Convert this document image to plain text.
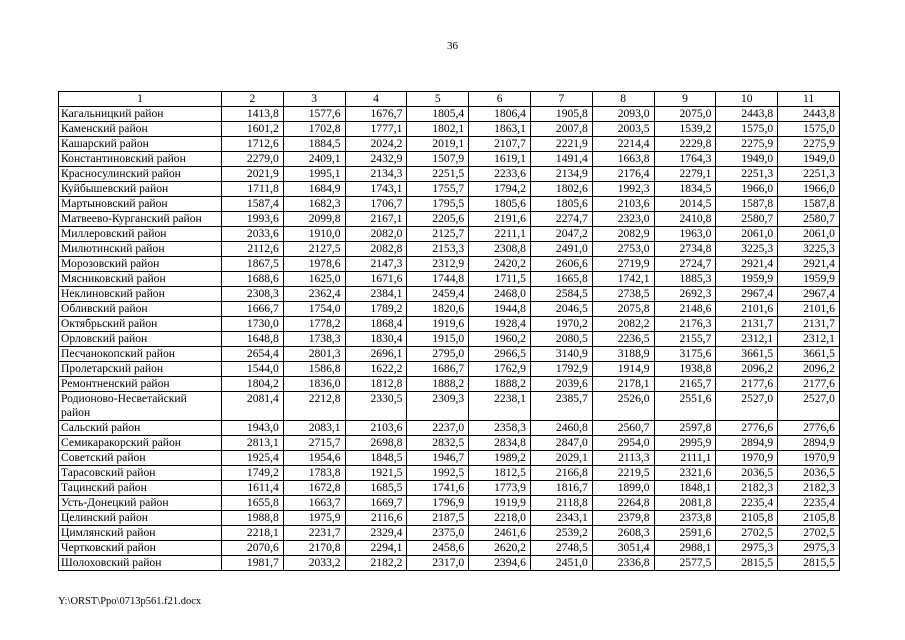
36
1	2	3	4	5	6	7	8	9	10	11
Кагальницкий район	1413,8	1577,6	1676,7	1805,4	1806,4	1905,8	2093,0	2075,0	2443,8	2443,8
Каменский район	1601,2	1702,8	1777,1	1802,1	1863,1	2007,8	2003,5	1539,2	1575,0	1575,0
Кашарский район	1712,6	1884,5	2024,2	2019,1	2107,7	2221,9	2214,4	2229,8	2275,9	2275,9
Константиновский район	2279,0	2409,1	2432,9	1507,9	1619,1	1491,4	1663,8	1764,3	1949,0	1949,0
Красносулинский район	2021,9	1995,1	2134,3	2251,5	2233,6	2134,9	2176,4	2279,1	2251,3	2251,3
Куйбышевский район	1711,8	1684,9	1743,1	1755,7	1794,2	1802,6	1992,3	1834,5	1966,0	1966,0
Мартыновский район	1587,4	1682,3	1706,7	1795,5	1805,6	1805,6	2103,6	2014,5	1587,8	1587,8
Матвеево-Курганский район	1993,6	2099,8	2167,1	2205,6	2191,6	2274,7	2323,0	2410,8	2580,7	2580,7
Миллеровский район	2033,6	1910,0	2082,0	2125,7	2211,1	2047,2	2082,9	1963,0	2061,0	2061,0
Милютинский район	2112,6	2127,5	2082,8	2153,3	2308,8	2491,0	2753,0	2734,8	3225,3	3225,3
Морозовский район	1867,5	1978,6	2147,3	2312,9	2420,2	2606,6	2719,9	2724,7	2921,4	2921,4
Мясниковский район	1688,6	1625,0	1671,6	1744,8	1711,5	1665,8	1742,1	1885,3	1959,9	1959,9
Неклиновский район	2308,3	2362,4	2384,1	2459,4	2468,0	2584,5	2738,5	2692,3	2967,4	2967,4
Обливский район	1666,7	1754,0	1789,2	1820,6	1944,8	2046,5	2075,8	2148,6	2101,6	2101,6
Октябрьский район	1730,0	1778,2	1868,4	1919,6	1928,4	1970,2	2082,2	2176,3	2131,7	2131,7
Орловский район	1648,8	1738,3	1830,4	1915,0	1960,2	2080,5	2236,5	2155,7	2312,1	2312,1
Песчанокопский район	2654,4	2801,3	2696,1	2795,0	2966,5	3140,9	3188,9	3175,6	3661,5	3661,5
Пролетарский район	1544,0	1586,8	1622,2	1686,7	1762,9	1792,9	1914,9	1938,8	2096,2	2096,2
Ремонтненский район	1804,2	1836,0	1812,8	1888,2	1888,2	2039,6	2178,1	2165,7	2177,6	2177,6
Родионово-Несветайский район	2081,4	2212,8	2330,5	2309,3	2238,1	2385,7	2526,0	2551,6	2527,0	2527,0
Сальский район	1943,0	2083,1	2103,6	2237,0	2358,3	2460,8	2560,7	2597,8	2776,6	2776,6
Семикаракорский район	2813,1	2715,7	2698,8	2832,5	2834,8	2847,0	2954,0	2995,9	2894,9	2894,9
Советский район	1925,4	1954,6	1848,5	1946,7	1989,2	2029,1	2113,3	2111,1	1970,9	1970,9
Тарасовский район	1749,2	1783,8	1921,5	1992,5	1812,5	2166,8	2219,5	2321,6	2036,5	2036,5
Тацинский район	1611,4	1672,8	1685,5	1741,6	1773,9	1816,7	1899,0	1848,1	2182,3	2182,3
Усть-Донецкий район	1655,8	1663,7	1669,7	1796,9	1919,9	2118,8	2264,8	2081,8	2235,4	2235,4
Целинский район	1988,8	1975,9	2116,6	2187,5	2218,0	2343,1	2379,8	2373,8	2105,8	2105,8
Цимлянский район	2218,1	2231,7	2329,4	2375,0	2461,6	2539,2	2608,3	2591,6	2702,5	2702,5
Чертковский район	2070,6	2170,8	2294,1	2458,6	2620,2	2748,5	3051,4	2988,1	2975,3	2975,3
Шолоховский район	1981,7	2033,2	2182,2	2317,0	2394,6	2451,0	2336,8	2577,5	2815,5	2815,5
Y:\ORST\Ppo\0713p561.f21.docx
